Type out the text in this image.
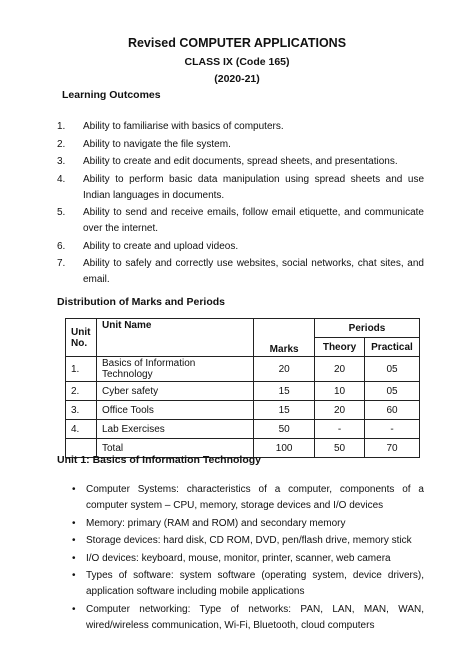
Revised COMPUTER APPLICATIONS
CLASS IX (Code 165)
(2020-21)
Learning Outcomes
1.	Ability to familiarise with basics of computers.
2.	Ability to navigate the file system.
3.	Ability to create and edit documents, spread sheets, and presentations.
4.	Ability to perform basic data manipulation using spread sheets and use Indian languages in documents.
5.	Ability to send and receive emails, follow email etiquette, and communicate over the internet.
6.	Ability to create and upload videos.
7.	Ability to safely and correctly use websites, social networks, chat sites, and email.
Distribution of Marks and Periods
Unit No.	Unit Name	Marks	Periods	
			Theory	Practical
1.	Basics of Information Technology	20	20	05
2.	Cyber safety	15	10	05
3.	Office Tools	15	20	60
4.	Lab Exercises	50	-	-
	Total	100	50	70
Unit 1: Basics of Information Technology
•	Computer Systems: characteristics of a computer, components of a computer system – CPU, memory, storage devices and I/O devices
•	Memory: primary (RAM and ROM) and secondary memory
•	Storage devices: hard disk, CD ROM, DVD, pen/flash drive, memory stick
•	I/O devices: keyboard, mouse, monitor, printer, scanner, web camera
•	Types of software: system software (operating system, device drivers), application software including mobile applications
•	Computer networking: Type of networks: PAN, LAN, MAN, WAN, wired/wireless communication, Wi-Fi, Bluetooth, cloud computers
